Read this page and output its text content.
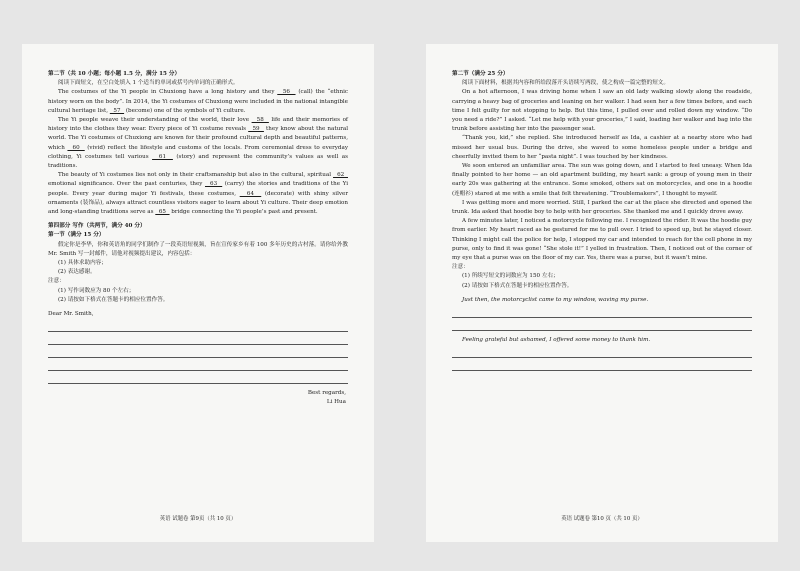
第二节（共 10 小题；每小题 1.5 分，满分 15 分）

阅读下面短文，在空白处填入 1 个适当的单词或括号内单词的正确形式。

The costumes of the Yi people in Chuxiong have a long history and they   56   (call) the “ethnic history worn on the body”. In 2014, the Yi costumes of Chuxiong were included in the national intangible cultural heritage list,   57   (become) one of the symbols of Yi culture.

The Yi people weave their understanding of the world, their love   58   life and their memories of history into the clothes they wear. Every piece of Yi costume reveals   59   they know about the natural world. The Yi costumes of Chuxiong are known for their profound cultural depth and beautiful patterns, which   60   (vivid) reflect the lifestyle and customs of the locals. From ceremonial dress to everyday clothing, Yi costumes tell various   61   (story) and represent the community’s values as well as traditions.

The beauty of Yi costumes lies not only in their craftsmanship but also in the cultural, spiritual   62   emotional significance. Over the past centuries, they   63   (carry) the stories and traditions of the Yi people. Every year during major Yi festivals, these costumes,   64   (decorate) with shiny silver ornaments (装饰品), always attract countless visitors eager to learn about Yi culture. Their deep emotion and long-standing traditions serve as   65   bridge connecting the Yi people’s past and present.

第四部分 写作（共两节，满分 40 分）

第一节（满分 15 分）

假定你是李华，你和英语角的同学们制作了一段英语短视频，旨在宣传家乡有着 100 多年历史的古村落。请你给外教 Mr. Smith 写一封邮件，请他对视频提出建议，内容包括：

(1) 具体求助内容；

(2) 表达感谢。

注意：

(1) 写作词数应为 80 个左右；

(2) 请按如下格式在答题卡的相应位置作答。

Dear Mr. Smith,

Best regards,

Li Hua

英语 试题卷 第9页（共 10 页）

第二节（满分 25 分）

阅读下面材料，根据其内容和所给段落开头语续写两段，使之构成一篇完整的短文。

On a hot afternoon, I was driving home when I saw an old lady walking slowly along the roadside, carrying a heavy bag of groceries and leaning on her walker. I had seen her a few times before, and each time I felt guilty for not stopping to help. But this time, I pulled over and rolled down my window. “Do you need a ride?” I asked. “Let me help with your groceries,” I said, loading her walker and bag into the trunk before assisting her into the passenger seat.

“Thank you, kid,” she replied. She introduced herself as Ida, a cashier at a nearby store who had missed her usual bus. During the drive, she waved to some homeless people under a bridge and cheerfully invited them to her “pasta night”. I was touched by her kindness.

We soon entered an unfamiliar area. The sun was going down, and I started to feel uneasy. When Ida finally pointed to her home — an old apartment building, my heart sank: a group of young men in their early 20s was gathering at the entrance. Some smoked, others sat on motorcycles, and one in a hoodie (连帽衫) stared at me with a smile that felt threatening. “Troublemakers”, I thought to myself.

I was getting more and more worried. Still, I parked the car at the place she directed and opened the trunk. Ida asked that hoodie boy to help with her groceries. She thanked me and I quickly drove away.

A few minutes later, I noticed a motorcycle following me. I recognized the rider. It was the hoodie guy from earlier. My heart raced as he gestured for me to pull over. I tried to speed up, but he stayed closer. Thinking I might call the police for help, I stopped my car and intended to reach for the cell phone in my purse, only to find it was gone! “She stole it!” I yelled in frustration. Then, I noticed out of the corner of my eye that a purse was on the floor of my car. Yes, there was a purse, but it wasn’t mine.

注意：

(1) 所续写短文的词数应为 150 左右；

(2) 请按如下格式在答题卡的相应位置作答。

Just then, the motorcyclist came to my window, waving my purse.

Feeling grateful but ashamed, I offered some money to thank him.

英语 试题卷 第10 页（共 10 页）
